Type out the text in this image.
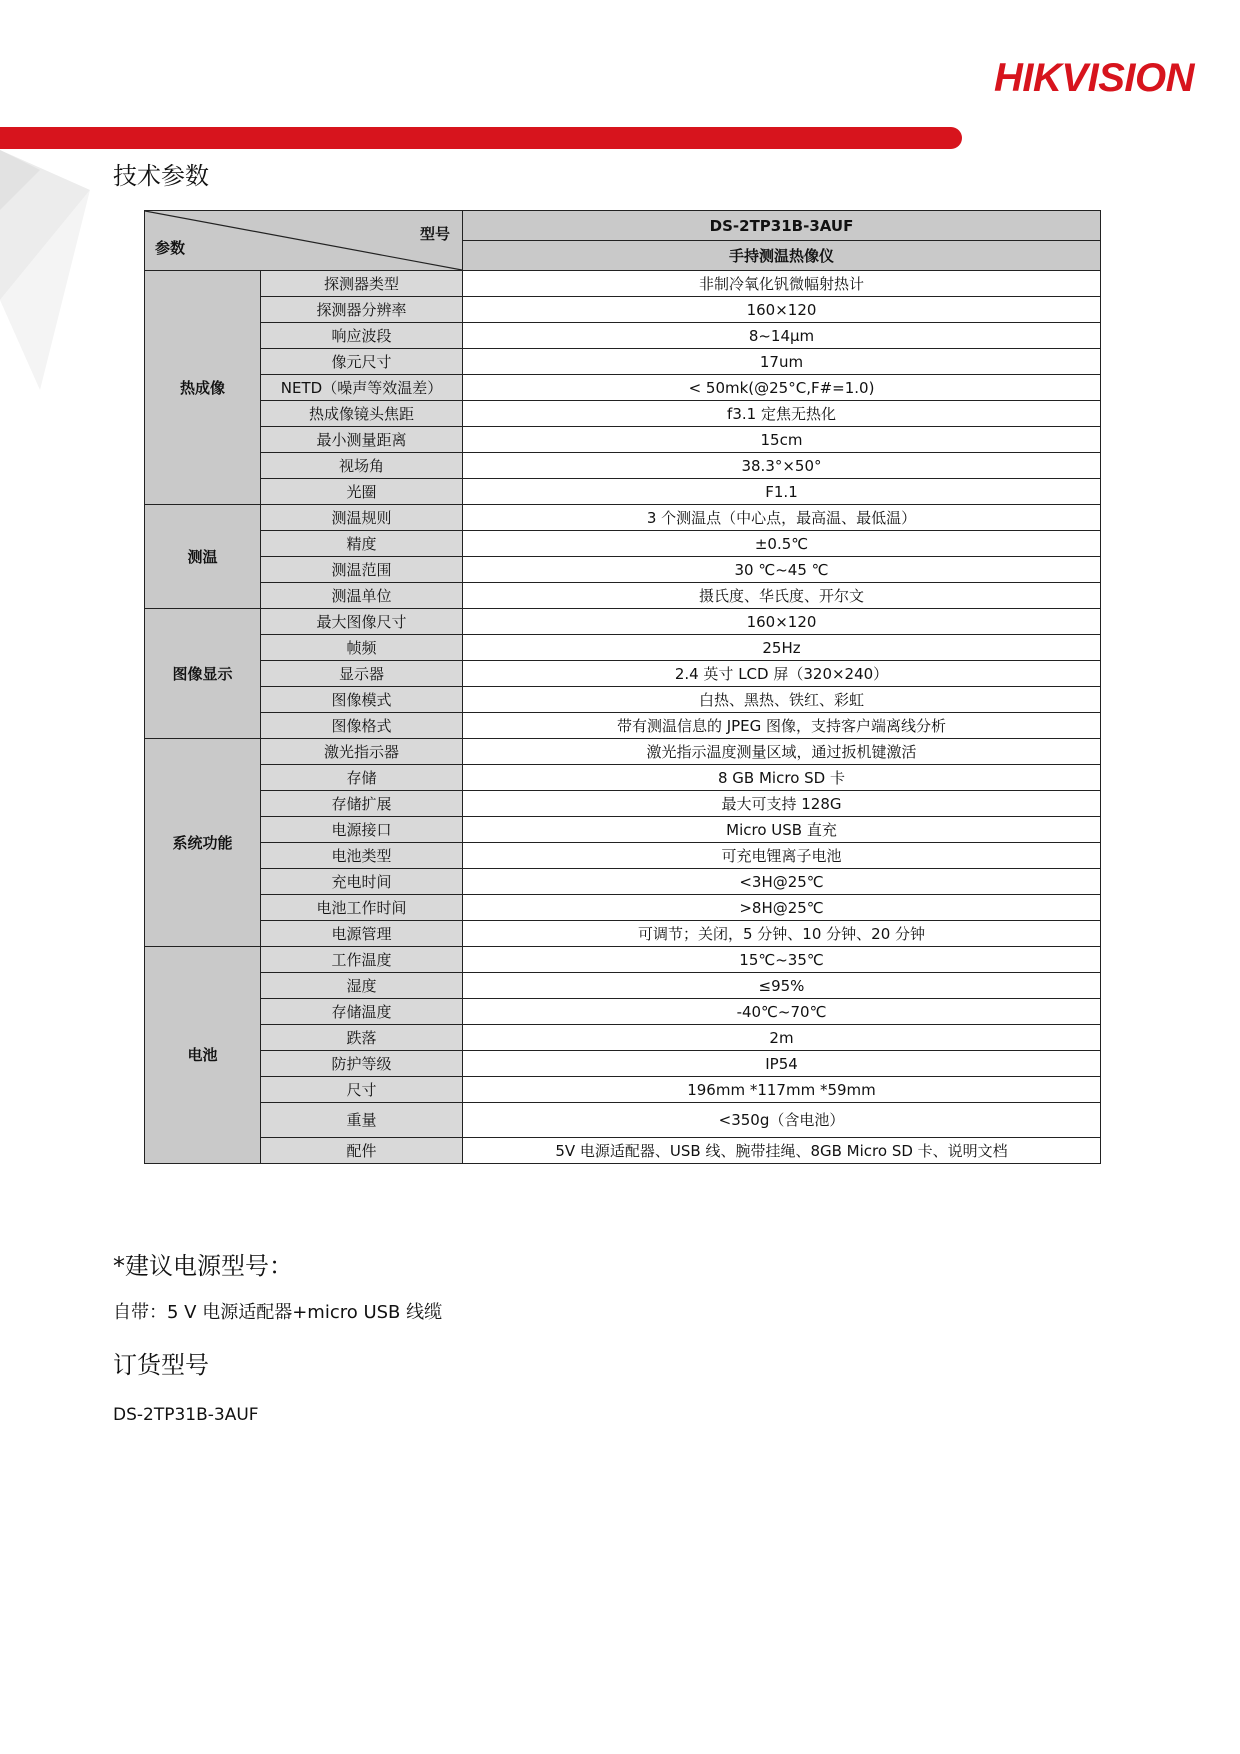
HIKVISION
技术参数
型号
参数		DS-2TP31B-3AUF
		手持测温热像仪
热成像	探测器类型	非制冷氧化钒微幅射热计
	探测器分辨率	160×120
	响应波段	8~14μm
	像元尺寸	17um
	NETD（噪声等效温差）	< 50mk(@25°C,F#=1.0)
	热成像镜头焦距	f3.1 定焦无热化
	最小测量距离	15cm
	视场角	38.3°×50°
	光圈	F1.1
测温	测温规则	3 个测温点（中心点，最高温、最低温）
	精度	±0.5℃
	测温范围	30 ℃~45 ℃
	测温单位	摄氏度、华氏度、开尔文
图像显示	最大图像尺寸	160×120
	帧频	25Hz
	显示器	2.4 英寸 LCD 屏（320×240）
	图像模式	白热、黑热、铁红、彩虹
	图像格式	带有测温信息的 JPEG 图像，支持客户端离线分析
系统功能	激光指示器	激光指示温度测量区域，通过扳机键激活
	存储	8 GB Micro SD 卡
	存储扩展	最大可支持 128G
	电源接口	Micro USB 直充
	电池类型	可充电锂离子电池
	充电时间	<3H@25℃
	电池工作时间	>8H@25℃
	电源管理	可调节；关闭，5 分钟、10 分钟、20 分钟
电池	工作温度	15℃~35℃
	湿度	≤95%
	存储温度	-40℃~70℃
	跌落	2m
	防护等级	IP54
	尺寸	196mm *117mm *59mm
	重量	<350g（含电池）
	配件	5V 电源适配器、USB 线、腕带挂绳、8GB Micro SD 卡、说明文档
*建议电源型号：
自带：5 V 电源适配器+micro USB 线缆
订货型号
DS-2TP31B-3AUF
